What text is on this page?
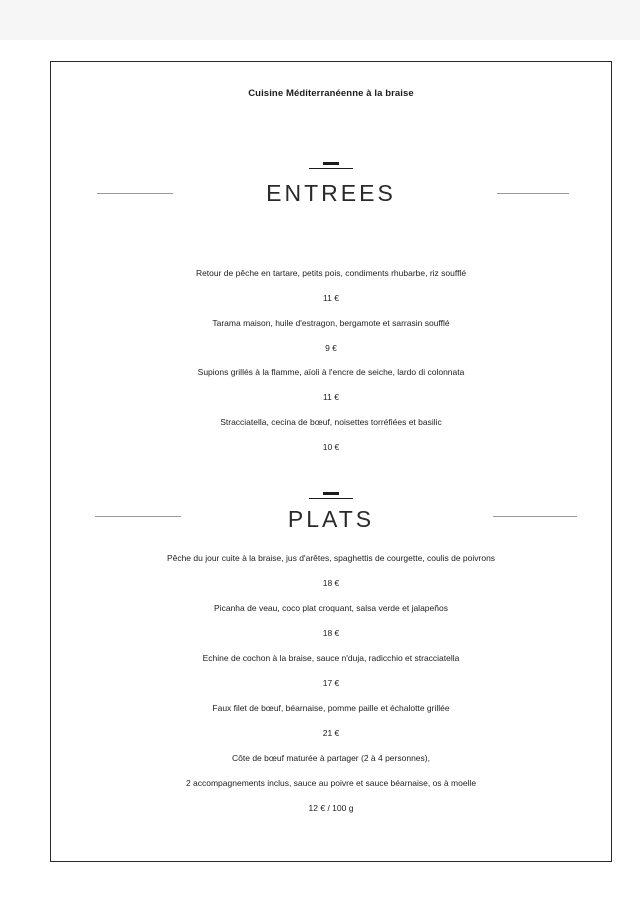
Cuisine Méditerranéenne à la braise
ENTREES
Retour de pêche en tartare, petits pois, condiments rhubarbe, riz soufflé
11 €
Tarama maison, huile d'estragon, bergamote et sarrasin soufflé
9 €
Supions grillés à la flamme, aïoli à l'encre de seiche, lardo di colonnata
11 €
Stracciatella, cecina de bœuf, noisettes torréfiées et basilic
10 €
PLATS
Pêche du jour cuite à la braise, jus d'arêtes, spaghettis de courgette, coulis de poivrons
18 €
Picanha de veau, coco plat croquant, salsa verde et jalapeños
18 €
Echine de cochon à la braise, sauce n'duja, radicchio et stracciatella
17 €
Faux filet de bœuf, béarnaise, pomme paille et échalotte grillée
21 €
Côte de bœuf maturée à partager (2 à 4 personnes),
2 accompagnements inclus, sauce au poivre et sauce béarnaise, os à moelle
12 € / 100 g
